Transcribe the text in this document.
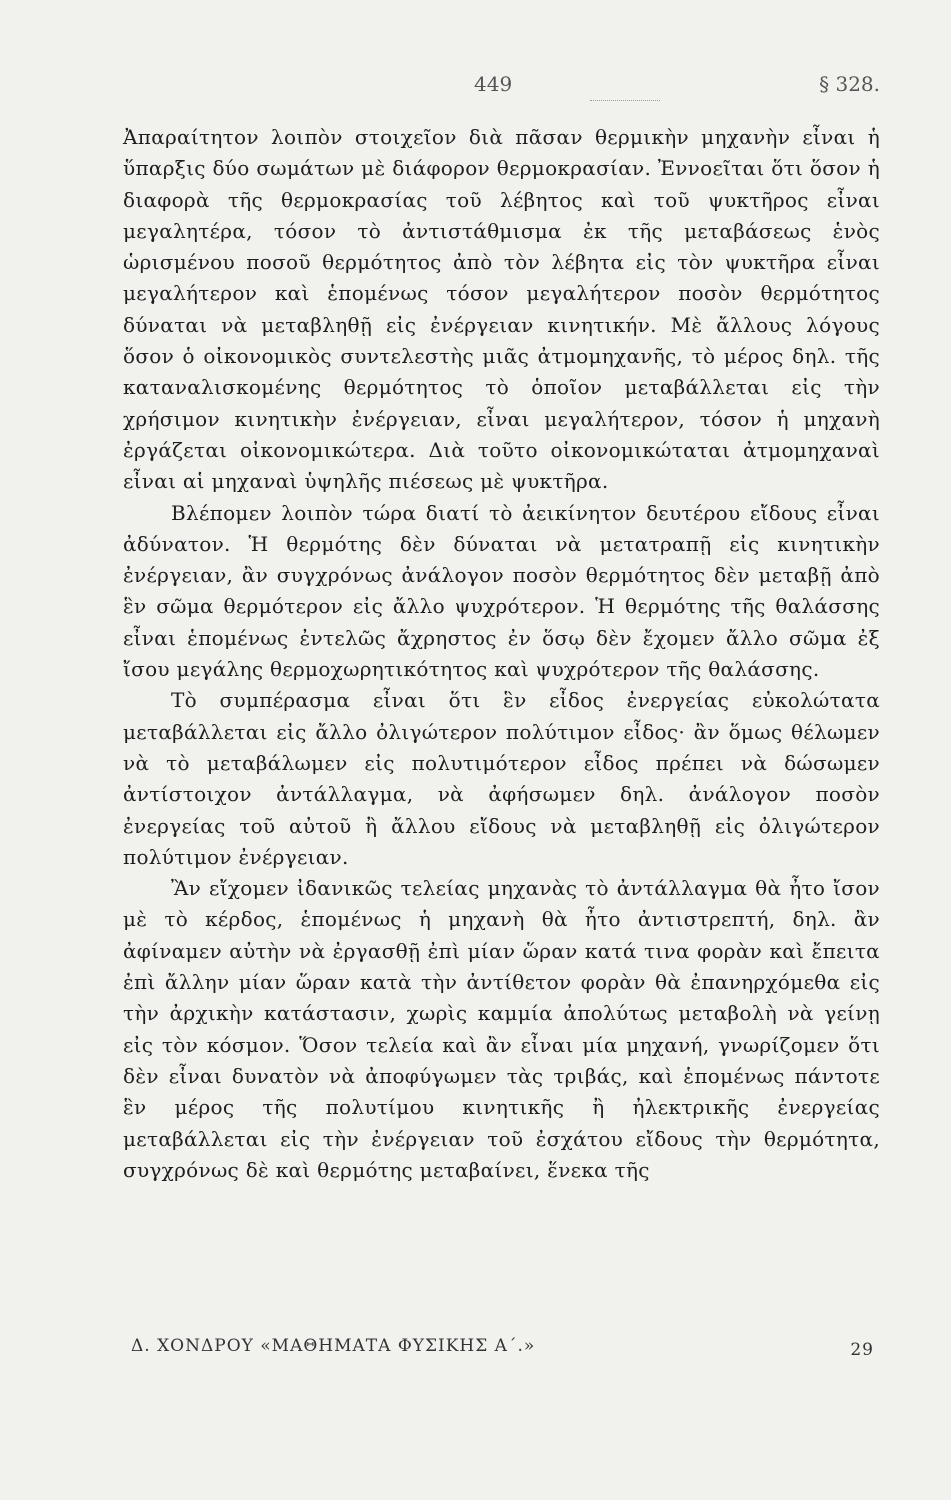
449	§ 328.

Ἀπαραίτητον λοιπὸν στοιχεῖον διὰ πᾶσαν θερμικὴν μηχανὴν εἶναι ἡ ὕπαρξις δύο σωμάτων μὲ διάφορον θερμοκρασίαν. Ἐννοεῖται ὅτι ὅσον ἡ διαφορὰ τῆς θερμοκρασίας τοῦ λέβητος καὶ τοῦ ψυκτῆρος εἶναι μεγαλητέρα, τόσον τὸ ἀντιστάθμισμα ἐκ τῆς μεταβάσεως ἑνὸς ὡρισμένου ποσοῦ θερμότητος ἀπὸ τὸν λέβητα εἰς τὸν ψυκτῆρα εἶναι μεγαλήτερον καὶ ἑπομένως τόσον μεγαλήτερον ποσὸν θερμότητος δύναται νὰ μεταβληθῇ εἰς ἐνέργειαν κινητικήν. Μὲ ἄλλους λόγους ὅσον ὁ οἰκονομικὸς συντελεστὴς μιᾶς ἀτμομηχανῆς, τὸ μέρος δηλ. τῆς καταναλισκομένης θερμότητος τὸ ὁποῖον μεταβάλλεται εἰς τὴν χρήσιμον κινητικὴν ἐνέργειαν, εἶναι μεγαλήτερον, τόσον ἡ μηχανὴ ἐργάζεται οἰκονομικώτερα. Διὰ τοῦτο οἰκονομικώταται ἀτμομηχαναὶ εἶναι αἱ μηχαναὶ ὑψηλῆς πιέσεως μὲ ψυκτῆρα.

Βλέπομεν λοιπὸν τώρα διατί τὸ ἀεικίνητον δευτέρου εἴδους εἶναι ἀδύνατον. Ἡ θερμότης δὲν δύναται νὰ μετατραπῇ εἰς κινητικὴν ἐνέργειαν, ἂν συγχρόνως ἀνάλογον ποσὸν θερμότητος δὲν μεταβῇ ἀπὸ ἓν σῶμα θερμότερον εἰς ἄλλο ψυχρότερον. Ἡ θερμότης τῆς θαλάσσης εἶναι ἑπομένως ἐντελῶς ἄχρηστος ἐν ὅσῳ δὲν ἔχομεν ἄλλο σῶμα ἐξ ἴσου μεγάλης θερμοχωρητικότητος καὶ ψυχρότερον τῆς θαλάσσης.

Τὸ συμπέρασμα εἶναι ὅτι ἓν εἶδος ἐνεργείας εὐκολώτατα μεταβάλλεται εἰς ἄλλο ὀλιγώτερον πολύτιμον εἶδος· ἂν ὅμως θέλωμεν νὰ τὸ μεταβάλωμεν εἰς πολυτιμότερον εἶδος πρέπει νὰ δώσωμεν ἀντίστοιχον ἀντάλλαγμα, νὰ ἀφήσωμεν δηλ. ἀνάλογον ποσὸν ἐνεργείας τοῦ αὐτοῦ ἢ ἄλλου εἴδους νὰ μεταβληθῇ εἰς ὀλιγώτερον πολύτιμον ἐνέργειαν.

Ἂν εἴχομεν ἰδανικῶς τελείας μηχανὰς τὸ ἀντάλλαγμα θὰ ἦτο ἴσον μὲ τὸ κέρδος, ἑπομένως ἡ μηχανὴ θὰ ἦτο ἀντιστρεπτή, δηλ. ἂν ἀφίναμεν αὐτὴν νὰ ἐργασθῇ ἐπὶ μίαν ὥραν κατά τινα φορὰν καὶ ἔπειτα ἐπὶ ἄλλην μίαν ὥραν κατὰ τὴν ἀντίθετον φορὰν θὰ ἐπανηρχόμεθα εἰς τὴν ἀρχικὴν κατάστασιν, χωρὶς καμμία ἀπολύτως μεταβολὴ νὰ γείνῃ εἰς τὸν κόσμον. Ὅσον τελεία καὶ ἂν εἶναι μία μηχανή, γνωρίζομεν ὅτι δὲν εἶναι δυνατὸν νὰ ἀποφύγωμεν τὰς τριβάς, καὶ ἑπομένως πάντοτε ἓν μέρος τῆς πολυτίμου κινητικῆς ἢ ἠλεκτρικῆς ἐνεργείας μεταβάλλεται εἰς τὴν ἐνέργειαν τοῦ ἐσχάτου εἴδους τὴν θερμότητα, συγχρόνως δὲ καὶ θερμότης μεταβαίνει, ἕνεκα τῆς

Δ. ΧΟΝΔΡΟΥ «ΜΑΘΗΜΑΤΑ ΦΥΣΙΚΗΣ Α΄.»	29
